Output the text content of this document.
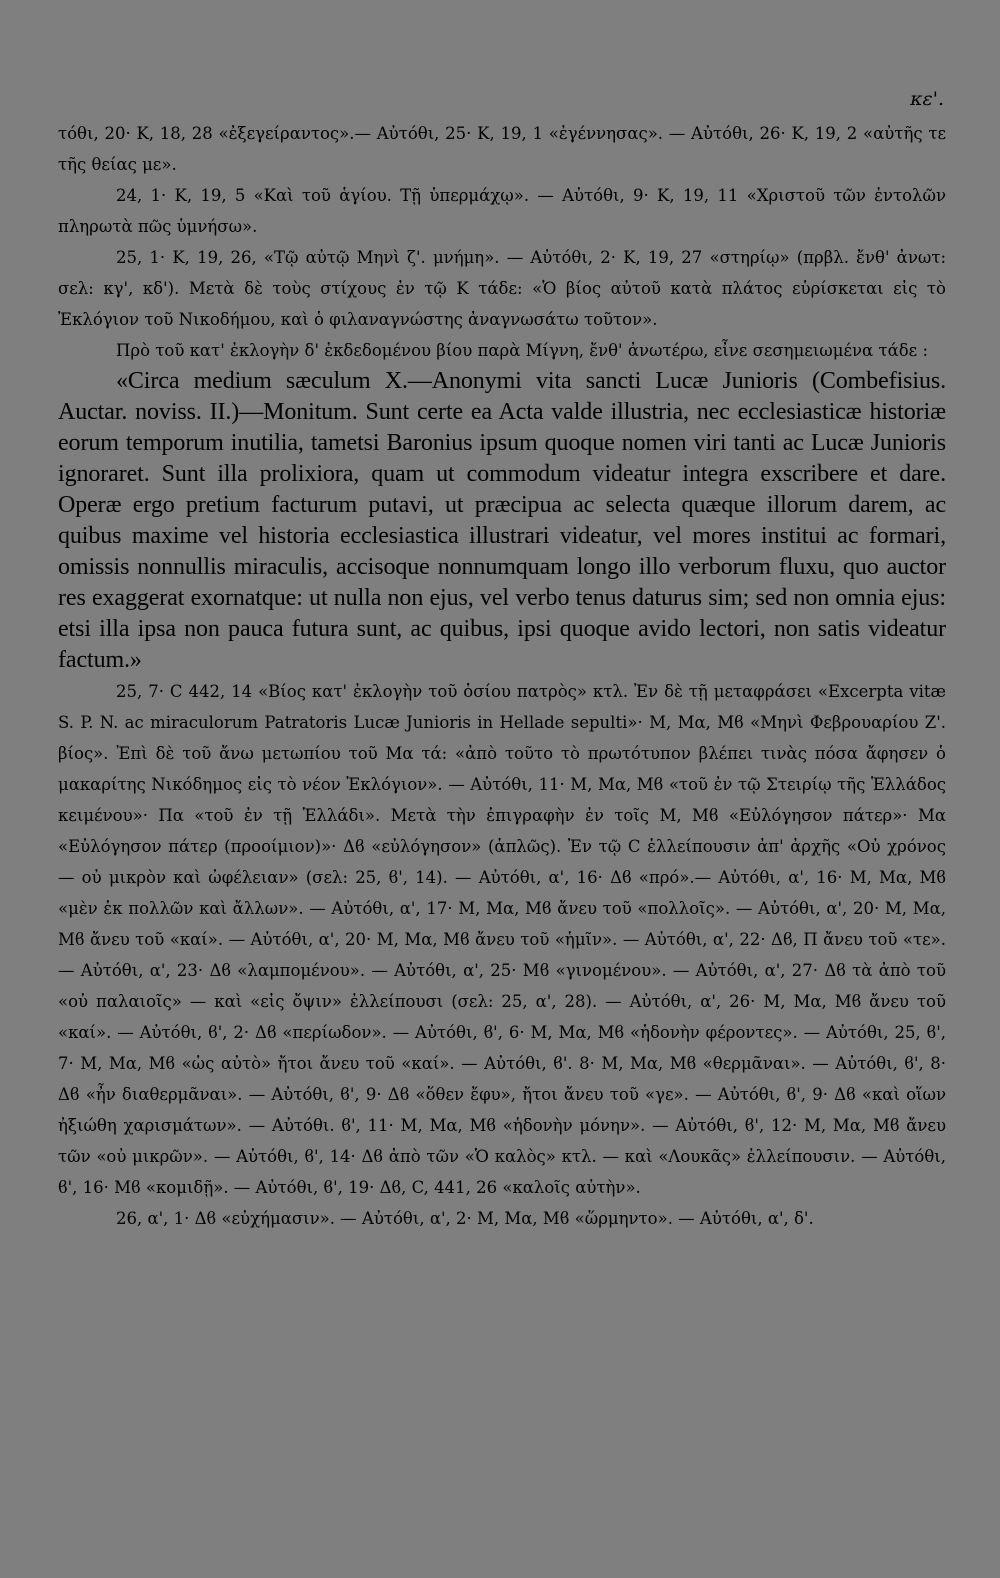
κε'.

τόθι, 20· Κ, 18, 28 «ἐξεγείραντος».— Αὐτόθι, 25· Κ, 19, 1 «ἐγέννησας». — Αὐτόθι, 26· Κ, 19, 2 «αὐτῆς τε τῆς θείας με».

24, 1· Κ, 19, 5 «Καὶ τοῦ ἁγίου. Τῇ ὑπερμάχῳ». — Αὐτόθι, 9· Κ, 19, 11 «Χριστοῦ τῶν ἐντολῶν πληρωτὰ πῶς ὑμνήσω».

25, 1· Κ, 19, 26, «Τῷ αὐτῷ Μηνὶ ζ'. μνήμη». — Αὐτόθι, 2· Κ, 19, 27 «στηρίῳ» (πρβλ. ἔνθ' ἀνωτ: σελ: κγ', κδ'). Μετὰ δὲ τοὺς στίχους ἐν τῷ Κ τάδε: «Ὁ βίος αὐτοῦ κατὰ πλάτος εὑρίσκεται εἰς τὸ Ἐκλόγιον τοῦ Νικοδήμου, καὶ ὁ φιλαναγνώστης ἀναγνωσάτω τοῦτον».

Πρὸ τοῦ κατ' ἐκλογὴν δ' ἐκδεδομένου βίου παρὰ Μίγνη, ἔνθ' ἀνωτέρω, εἶνε σεσημειωμένα τάδε :

«Circa medium sæculum X.—Anonymi vita sancti Lucæ Junioris (Combefisius. Auctar. noviss. II.)—Monitum. Sunt certe ea Acta valde illustria, nec ecclesiasticæ historiæ eorum temporum inutilia, tametsi Baronius ipsum quoque nomen viri tanti ac Lucæ Junioris ignoraret. Sunt illa prolixiora, quam ut commodum videatur integra exscribere et dare. Operæ ergo pretium facturum putavi, ut præcipua ac selecta quæque illorum darem, ac quibus maxime vel historia ecclesiastica illustrari videatur, vel mores institui ac formari, omissis nonnullis miraculis, accisoque nonnumquam longo illo verborum fluxu, quo auctor res exaggerat exornatque: ut nulla non ejus, vel verbo tenus daturus sim; sed non omnia ejus: etsi illa ipsa non pauca futura sunt, ac quibus, ipsi quoque avido lectori, non satis videatur factum.»

25, 7· C 442, 14 «Βίος κατ' ἐκλογὴν τοῦ ὁσίου πατρὸς» κτλ. Ἐν δὲ τῇ μεταφράσει «Excerpta vitæ S. P. N. ac miraculorum Patratoris Lucæ Junioris in Hellade sepulti»· Μ, Μα, Μϐ «Μηνὶ Φεβρουαρίου Ζ'. βίος». Ἐπὶ δὲ τοῦ ἄνω μετωπίου τοῦ Μα τά: «ἀπὸ τοῦτο τὸ πρωτότυπον βλέπει τινὰς πόσα ἄφησεν ὁ μακαρίτης Νικόδημος εἰς τὸ νέον Ἐκλόγιον». — Αὐτόθι, 11· Μ, Μα, Μϐ «τοῦ ἐν τῷ Στειρίῳ τῆς Ἑλλάδος κειμένου»· Πα «τοῦ ἐν τῇ Ἑλλάδι». Μετὰ τὴν ἐπιγραφὴν ἐν τοῖς Μ, Μϐ «Εὐλόγησον πάτερ»· Μα «Εὐλόγησον πάτερ (προοίμιον)»· Δϐ «εὐλόγησον» (ἁπλῶς). Ἐν τῷ C ἐλλείπουσιν ἀπ' ἀρχῆς «Οὐ χρόνος — οὐ μικρὸν καὶ ὠφέλειαν» (σελ: 25, ϐ', 14). — Αὐτόθι, α', 16· Δϐ «πρό».— Αὐτόθι, α', 16· Μ, Μα, Μϐ «μὲν ἐκ πολλῶν καὶ ἄλλων». — Αὐτόθι, α', 17· Μ, Μα, Μϐ ἄνευ τοῦ «πολλοῖς». — Αὐτόθι, α', 20· Μ, Μα, Μϐ ἄνευ τοῦ «καί». — Αὐτόθι, α', 20· Μ, Μα, Μϐ ἄνευ τοῦ «ἡμῖν». — Αὐτόθι, α', 22· Δϐ, Π ἄνευ τοῦ «τε». — Αὐτόθι, α', 23· Δϐ «λαμπομένου». — Αὐτόθι, α', 25· Μϐ «γινομένου». — Αὐτόθι, α', 27· Δϐ τὰ ἀπὸ τοῦ «οὐ παλαιοῖς» — καὶ «εἰς ὄψιν» ἐλλείπουσι (σελ: 25, α', 28). — Αὐτόθι, α', 26· Μ, Μα, Μϐ ἄνευ τοῦ «καί». — Αὐτόθι, ϐ', 2· Δϐ «περίωδον». — Αὐτόθι, ϐ', 6· Μ, Μα, Μϐ «ἡδονὴν φέροντες». — Αὐτόθι, 25, ϐ', 7· Μ, Μα, Μϐ «ὡς αὐτὸ» ἤτοι ἄνευ τοῦ «καί». — Αὐτόθι, ϐ'. 8· Μ, Μα, Μϐ «θερμᾶναι». — Αὐτόθι, ϐ', 8· Δϐ «ἦν διαθερμᾶναι». — Αὐτόθι, ϐ', 9· Δϐ «ὅθεν ἔφυ», ἤτοι ἄνευ τοῦ «γε». — Αὐτόθι, ϐ', 9· Δϐ «καὶ οἵων ἠξιώθη χαρισμάτων». — Αὐτόθι. ϐ', 11· Μ, Μα, Μϐ «ἡδονὴν μόνην». — Αὐτόθι, ϐ', 12· Μ, Μα, Μϐ ἄνευ τῶν «οὐ μικρῶν». — Αὐτόθι, ϐ', 14· Δϐ ἀπὸ τῶν «Ὁ καλὸς» κτλ. — καὶ «Λουκᾶς» ἐλλείπουσιν. — Αὐτόθι, ϐ', 16· Μϐ «κομιδῇ». — Αὐτόθι, ϐ', 19· Δϐ, C, 441, 26 «καλοῖς αὐτὴν».

26, α', 1· Δϐ «εὐχήμασιν». — Αὐτόθι, α', 2· Μ, Μα, Μϐ «ὥρμηντο». — Αὐτόθι, α', δ'.
